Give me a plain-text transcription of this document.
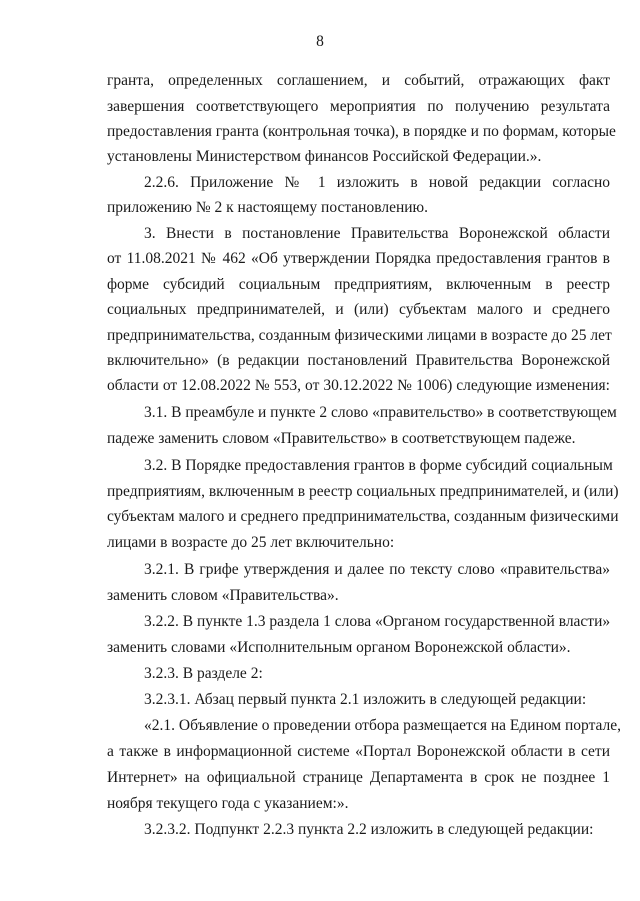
8
гранта, определенных соглашением, и событий, отражающих факт
завершения соответствующего мероприятия по получению результата
предоставления гранта (контрольная точка), в порядке и по формам, которые
установлены Министерством финансов Российской Федерации.».
2.2.6. Приложение № 1 изложить в новой редакции согласно
приложению № 2 к настоящему постановлению.
3. Внести в постановление Правительства Воронежской области
от 11.08.2021 № 462 «Об утверждении Порядка предоставления грантов в
форме субсидий социальным предприятиям, включенным в реестр
социальных предпринимателей, и (или) субъектам малого и среднего
предпринимательства, созданным физическими лицами в возрасте до 25 лет
включительно» (в редакции постановлений Правительства Воронежской
области от 12.08.2022 № 553, от 30.12.2022 № 1006) следующие изменения:
3.1. В преамбуле и пункте 2 слово «правительство» в соответствующем
падеже заменить словом «Правительство» в соответствующем падеже.
3.2. В Порядке предоставления грантов в форме субсидий социальным
предприятиям, включенным в реестр социальных предпринимателей, и (или)
субъектам малого и среднего предпринимательства, созданным физическими
лицами в возрасте до 25 лет включительно:
3.2.1. В грифе утверждения и далее по тексту слово «правительства»
заменить словом «Правительства».
3.2.2. В пункте 1.3 раздела 1 слова «Органом государственной власти»
заменить словами «Исполнительным органом Воронежской области».
3.2.3. В разделе 2:
3.2.3.1. Абзац первый пункта 2.1 изложить в следующей редакции:
«2.1. Объявление о проведении отбора размещается на Едином портале,
а также в информационной системе «Портал Воронежской области в сети
Интернет» на официальной странице Департамента в срок не позднее 1
ноября текущего года с указанием:».
3.2.3.2. Подпункт 2.2.3 пункта 2.2 изложить в следующей редакции:
